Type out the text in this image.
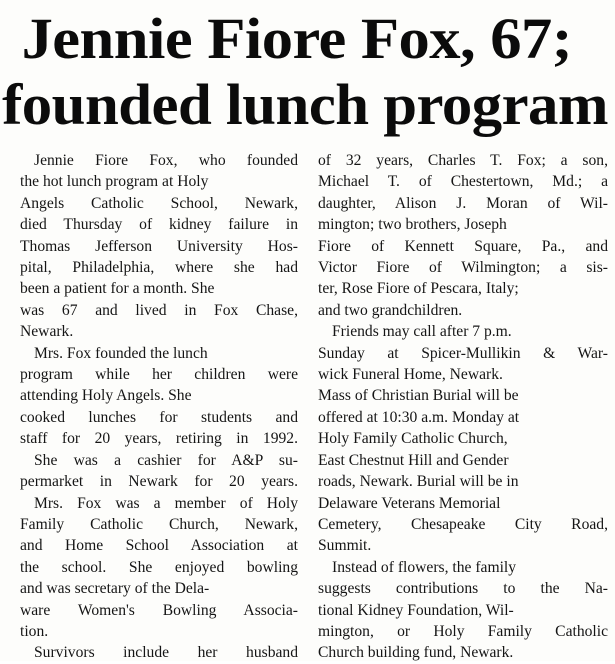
Jennie Fiore Fox, 67;
founded lunch program
Jennie Fiore Fox, who founded
the hot lunch program at Holy
Angels Catholic School, Newark,
died Thursday of kidney failure in
Thomas Jefferson University Hos-
pital, Philadelphia, where she had
been a patient for a month. She
was 67 and lived in Fox Chase,
Newark.
Mrs. Fox founded the lunch
program while her children were
attending Holy Angels. She
cooked lunches for students and
staff for 20 years, retiring in 1992.
She was a cashier for A&P su-
permarket in Newark for 20 years.
Mrs. Fox was a member of Holy
Family Catholic Church, Newark,
and Home School Association at
the school. She enjoyed bowling
and was secretary of the Dela-
ware Women's Bowling Associa-
tion.
Survivors include her husband
of 32 years, Charles T. Fox; a son,
Michael T. of Chestertown, Md.; a
daughter, Alison J. Moran of Wil-
mington; two brothers, Joseph
Fiore of Kennett Square, Pa., and
Victor Fiore of Wilmington; a sis-
ter, Rose Fiore of Pescara, Italy;
and two grandchildren.
Friends may call after 7 p.m.
Sunday at Spicer-Mullikin & War-
wick Funeral Home, Newark.
Mass of Christian Burial will be
offered at 10:30 a.m. Monday at
Holy Family Catholic Church,
East Chestnut Hill and Gender
roads, Newark. Burial will be in
Delaware Veterans Memorial
Cemetery, Chesapeake City Road,
Summit.
Instead of flowers, the family
suggests contributions to the Na-
tional Kidney Foundation, Wil-
mington, or Holy Family Catholic
Church building fund, Newark.
